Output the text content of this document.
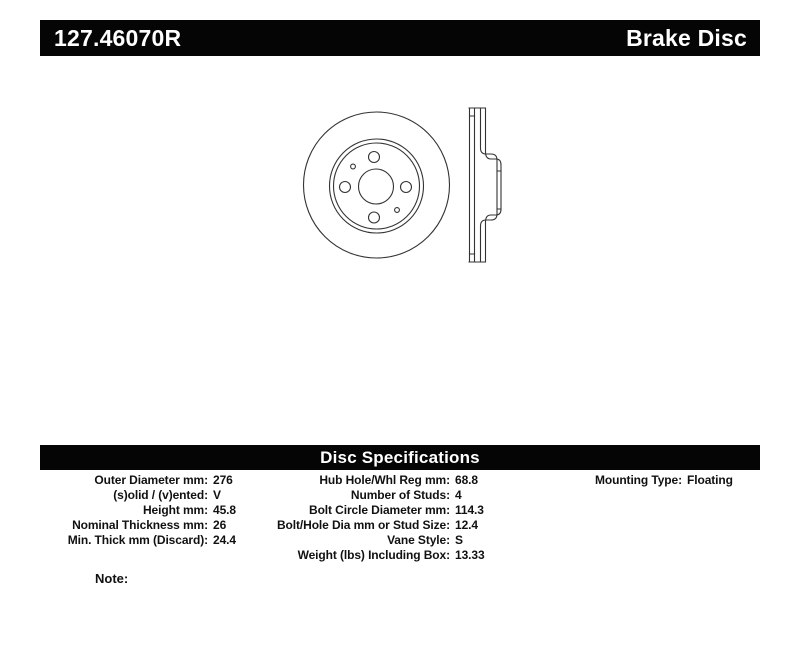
127.46070R	Brake Disc
Disc Specifications
Outer Diameter mm: 276
(s)olid / (v)ented: V
Height mm: 45.8
Nominal Thickness mm: 26
Min. Thick mm (Discard): 24.4
Hub Hole/Whl Reg mm: 68.8
Number of Studs: 4
Bolt Circle Diameter mm: 114.3
Bolt/Hole Dia mm or Stud Size: 12.4
Vane Style: S
Weight (lbs) Including Box: 13.33
Mounting Type: Floating
Note:
